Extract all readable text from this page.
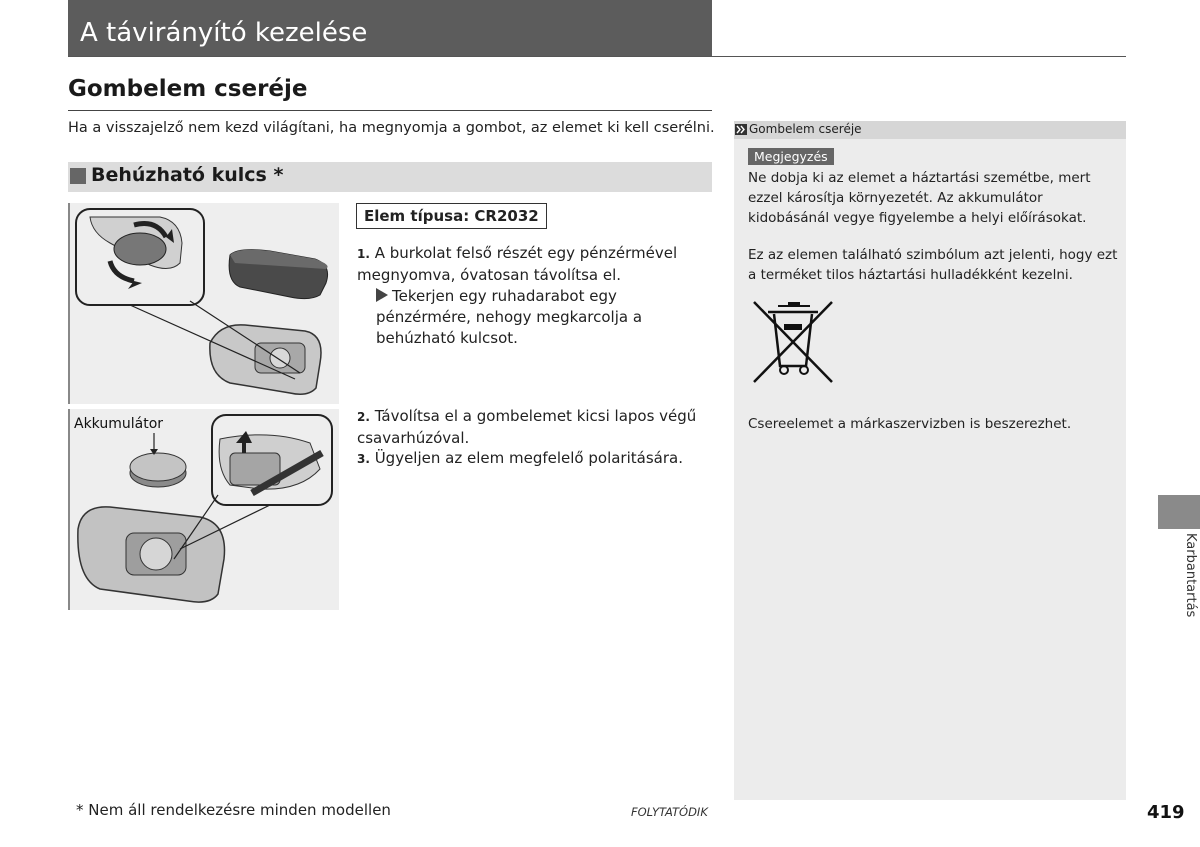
A távirányító kezelése
Gombelem cseréje
Ha a visszajelző nem kezd világítani, ha megnyomja a gombot, az elemet ki kell cserélni.
Behúzható kulcs *
Akkumulátor
Elem típusa: CR2032
1. A burkolat felső részét egy pénzérmével megnyomva, óvatosan távolítsa el.
Tekerjen egy ruhadarabot egy pénzérmére, nehogy megkarcolja a behúzható kulcsot.
2. Távolítsa el a gombelemet kicsi lapos végű csavarhúzóval.
3. Ügyeljen az elem megfelelő polaritására.
Gombelem cseréje
Megjegyzés
Ne dobja ki az elemet a háztartási szemétbe, mert ezzel károsítja környezetét. Az akkumulátor kidobásánál vegye figyelembe a helyi előírásokat.
Ez az elemen található szimbólum azt jelenti, hogy ezt a terméket tilos háztartási hulladékként kezelni.
Csereelemet a márkaszervizben is beszerezhet.
Karbantartás
* Nem áll rendelkezésre minden modellen	FOLYTATÓDIK	419
